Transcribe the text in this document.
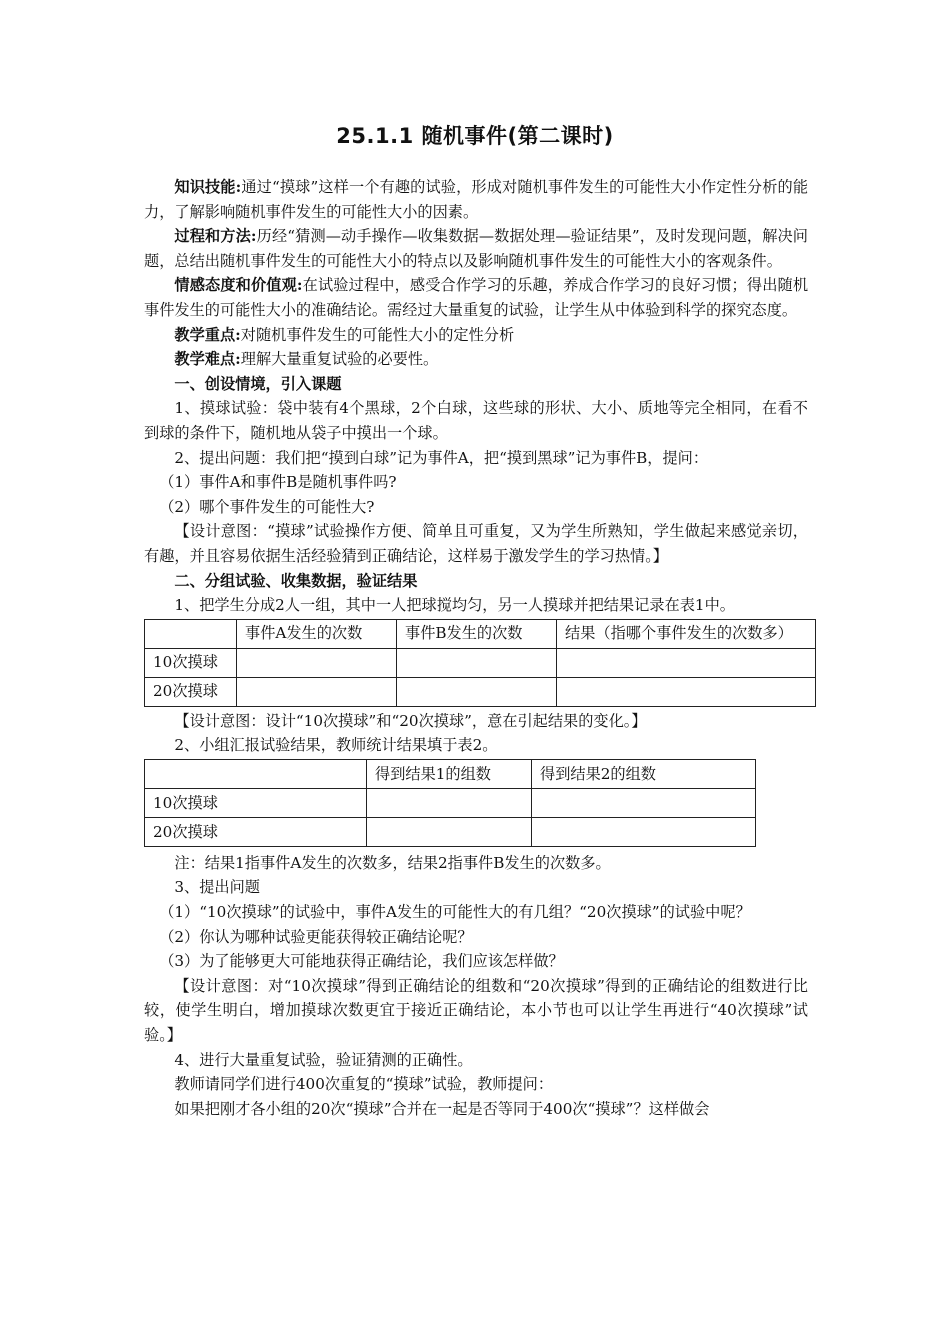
25.1.1 随机事件(第二课时)

知识技能:通过“摸球”这样一个有趣的试验，形成对随机事件发生的可能性大小作定性分析的能力，了解影响随机事件发生的可能性大小的因素。

过程和方法:历经“猜测—动手操作—收集数据—数据处理—验证结果”，及时发现问题，解决问题，总结出随机事件发生的可能性大小的特点以及影响随机事件发生的可能性大小的客观条件。

情感态度和价值观:在试验过程中，感受合作学习的乐趣，养成合作学习的良好习惯；得出随机事件发生的可能性大小的准确结论。需经过大量重复的试验，让学生从中体验到科学的探究态度。

教学重点:对随机事件发生的可能性大小的定性分析

教学难点:理解大量重复试验的必要性。

一、创设情境，引入课题

1、摸球试验：袋中装有4个黑球，2个白球，这些球的形状、大小、质地等完全相同，在看不到球的条件下，随机地从袋子中摸出一个球。

2、提出问题：我们把“摸到白球”记为事件A，把“摸到黑球”记为事件B，提问：

（1）事件A和事件B是随机事件吗?

（2）哪个事件发生的可能性大?

【设计意图：“摸球”试验操作方便、简单且可重复，又为学生所熟知，学生做起来感觉亲切，有趣，并且容易依据生活经验猜到正确结论，这样易于激发学生的学习热情。】

二、分组试验、收集数据，验证结果

1、把学生分成2人一组，其中一人把球搅均匀，另一人摸球并把结果记录在表1中。

	事件A发生的次数	事件B发生的次数	结果（指哪个事件发生的次数多）
10次摸球			
20次摸球			

【设计意图：设计“10次摸球”和“20次摸球”，意在引起结果的变化。】

2、小组汇报试验结果，教师统计结果填于表2。

	得到结果1的组数	得到结果2的组数
10次摸球		
20次摸球		

注：结果1指事件A发生的次数多，结果2指事件B发生的次数多。

3、提出问题

（1）“10次摸球”的试验中，事件A发生的可能性大的有几组？“20次摸球”的试验中呢？

（2）你认为哪种试验更能获得较正确结论呢？

（3）为了能够更大可能地获得正确结论，我们应该怎样做？

【设计意图：对“10次摸球”得到正确结论的组数和“20次摸球”得到的正确结论的组数进行比较，使学生明白，增加摸球次数更宜于接近正确结论，本小节也可以让学生再进行“40次摸球”试验。】

4、进行大量重复试验，验证猜测的正确性。

教师请同学们进行400次重复的“摸球”试验，教师提问：

如果把刚才各小组的20次“摸球”合并在一起是否等同于400次“摸球”？这样做会
